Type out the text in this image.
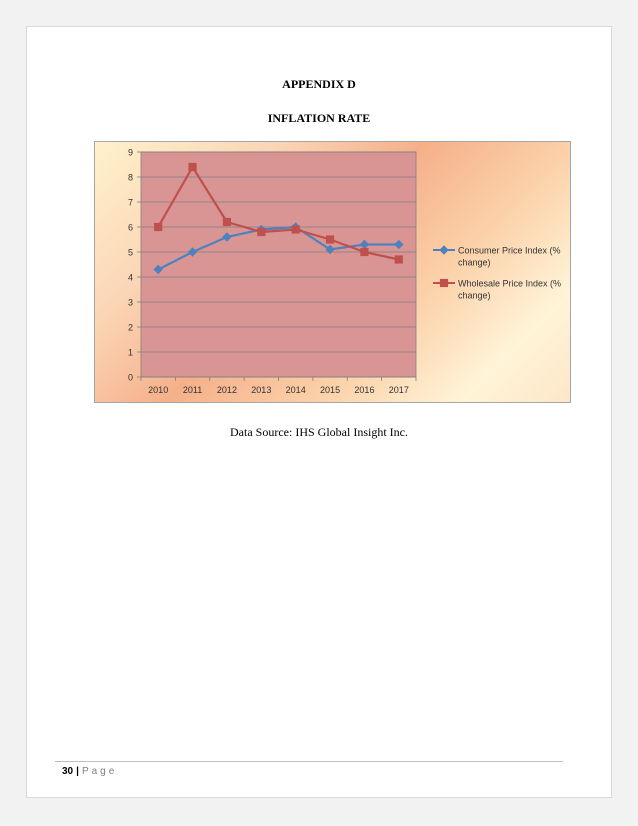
APPENDIX D
INFLATION RATE
0
1
2
3
4
5
6
7
8
9
2010 2011 2012 2013 2014 2015 2016 2017
Consumer Price Index (% change)
Wholesale Price Index (% change)
Data Source: IHS Global Insight Inc.
30 | Page
